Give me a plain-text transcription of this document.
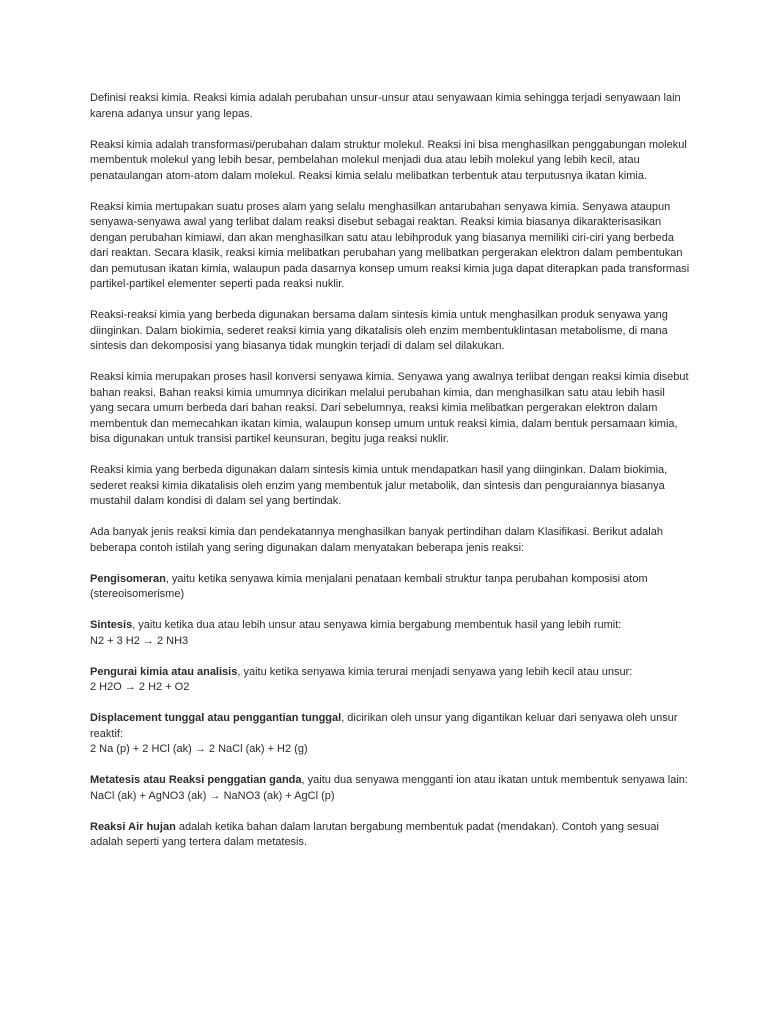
Definisi reaksi kimia. Reaksi kimia adalah perubahan unsur-unsur atau senyawaan kimia sehingga terjadi senyawaan lain karena adanya unsur yang lepas.

Reaksi kimia adalah transformasi/perubahan dalam struktur molekul. Reaksi ini bisa menghasilkan penggabungan molekul membentuk molekul yang lebih besar, pembelahan molekul menjadi dua atau lebih molekul yang lebih kecil, atau penataulangan atom-atom dalam molekul. Reaksi kimia selalu melibatkan terbentuk atau terputusnya ikatan kimia.

Reaksi kimia mertupakan suatu proses alam yang selalu menghasilkan antarubahan senyawa kimia. Senyawa ataupun senyawa-senyawa awal yang terlibat dalam reaksi disebut sebagai reaktan. Reaksi kimia biasanya dikarakterisasikan dengan perubahan kimiawi, dan akan menghasilkan satu atau lebihproduk yang biasanya memiliki ciri-ciri yang berbeda dari reaktan. Secara klasik, reaksi kimia melibatkan perubahan yang melibatkan pergerakan elektron dalam pembentukan dan pemutusan ikatan kimia, walaupun pada dasarnya konsep umum reaksi kimia juga dapat diterapkan pada transformasi partikel-partikel elementer seperti pada reaksi nuklir.

Reaksi-reaksi kimia yang berbeda digunakan bersama dalam sintesis kimia untuk menghasilkan produk senyawa yang diinginkan. Dalam biokimia, sederet reaksi kimia yang dikatalisis oleh enzim membentuklintasan metabolisme, di mana sintesis dan dekomposisi yang biasanya tidak mungkin terjadi di dalam sel dilakukan.

Reaksi kimia merupakan proses hasil konversi senyawa kimia. Senyawa yang awalnya terlibat dengan reaksi kimia disebut bahan reaksi. Bahan reaksi kimia umumnya dicirikan melalui perubahan kimia, dan menghasilkan satu atau lebih hasil yang secara umum berbeda dari bahan reaksi. Dari sebelumnya, reaksi kimia melibatkan pergerakan elektron dalam membentuk dan memecahkan ikatan kimia, walaupun konsep umum untuk reaksi kimia, dalam bentuk persamaan kimia, bisa digunakan untuk transisi partikel keunsuran, begitu juga reaksi nuklir.

Reaksi kimia yang berbeda digunakan dalam sintesis kimia untuk mendapatkan hasil yang diinginkan. Dalam biokimia, sederet reaksi kimia dikatalisis oleh enzim yang membentuk jalur metabolik, dan sintesis dan penguraiannya biasanya mustahil dalam kondisi di dalam sel yang bertindak.

Ada banyak jenis reaksi kimia dan pendekatannya menghasilkan banyak pertindihan dalam Klasifikasi. Berikut adalah beberapa contoh istilah yang sering digunakan dalam menyatakan beberapa jenis reaksi:

Pengisomeran, yaitu ketika senyawa kimia menjalani penataan kembali struktur tanpa perubahan komposisi atom (stereoisomerisme)

Sintesis, yaitu ketika dua atau lebih unsur atau senyawa kimia bergabung membentuk hasil yang lebih rumit:
N2 + 3 H2 → 2 NH3

Pengurai kimia atau analisis, yaitu ketika senyawa kimia terurai menjadi senyawa yang lebih kecil atau unsur:
2 H2O → 2 H2 + O2

Displacement tunggal atau penggantian tunggal, dicirikan oleh unsur yang digantikan keluar dari senyawa oleh unsur reaktif:
2 Na (p) + 2 HCl (ak) → 2 NaCl (ak) + H2 (g)

Metatesis atau Reaksi penggatian ganda, yaitu dua senyawa mengganti ion atau ikatan untuk membentuk senyawa lain:
NaCl (ak) + AgNO3 (ak) → NaNO3 (ak) + AgCl (p)

Reaksi Air hujan adalah ketika bahan dalam larutan bergabung membentuk padat (mendakan). Contoh yang sesuai adalah seperti yang tertera dalam metatesis.
